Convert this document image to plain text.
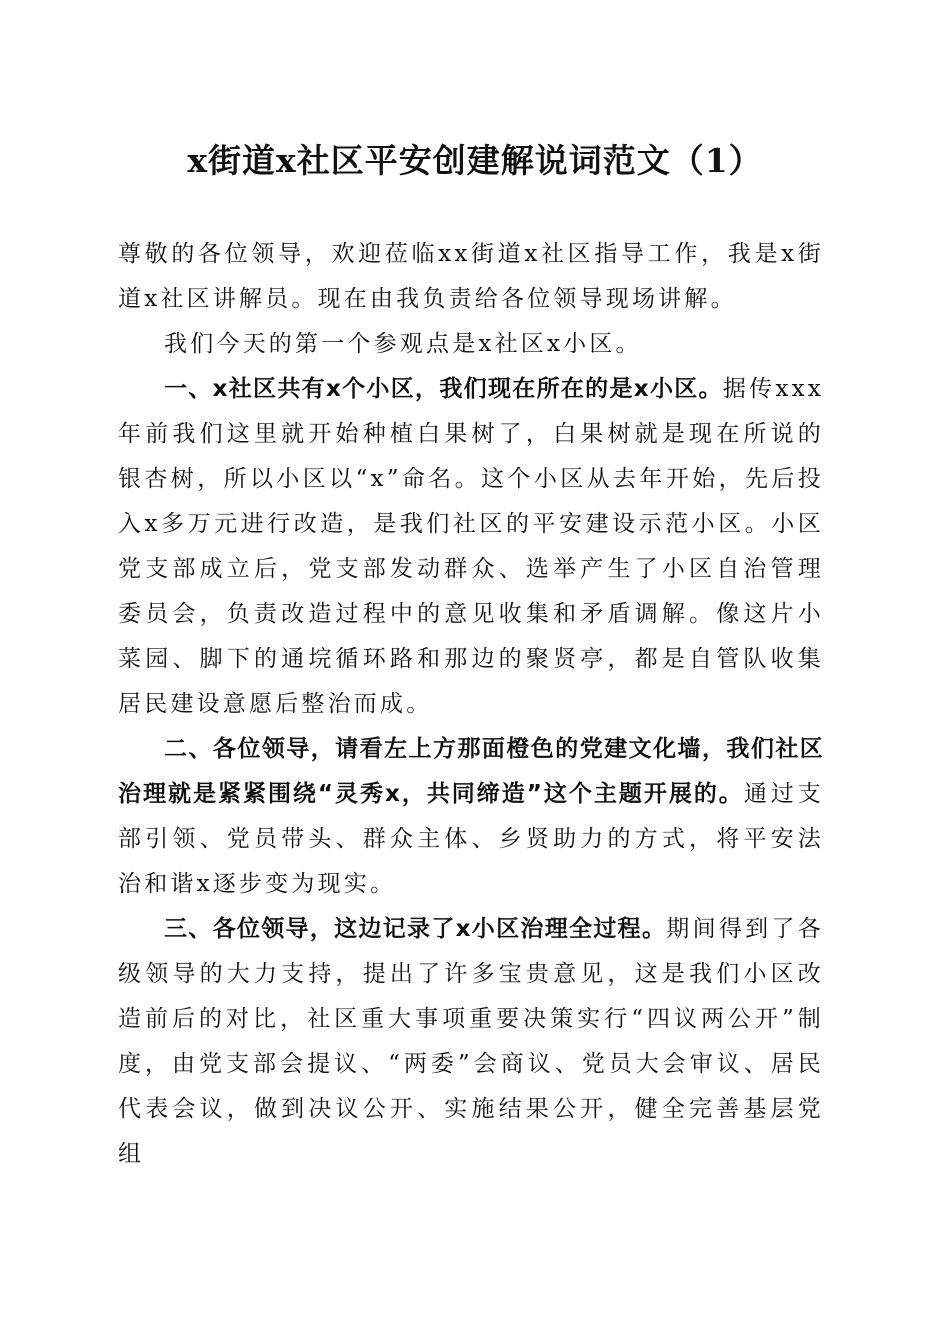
x街道x社区平安创建解说词范文（1）

尊敬的各位领导，欢迎莅临xx街道x社区指导工作，我是x街道x社区讲解员。现在由我负责给各位领导现场讲解。

我们今天的第一个参观点是x社区x小区。

一、x社区共有x个小区，我们现在所在的是x小区。据传xxx年前我们这里就开始种植白果树了，白果树就是现在所说的银杏树，所以小区以“x”命名。这个小区从去年开始，先后投入x多万元进行改造，是我们社区的平安建设示范小区。小区党支部成立后，党支部发动群众、选举产生了小区自治管理委员会，负责改造过程中的意见收集和矛盾调解。像这片小菜园、脚下的通垸循环路和那边的聚贤亭，都是自管队收集居民建设意愿后整治而成。

二、各位领导，请看左上方那面橙色的党建文化墙，我们社区治理就是紧紧围绕“灵秀x，共同缔造”这个主题开展的。通过支部引领、党员带头、群众主体、乡贤助力的方式，将平安法治和谐x逐步变为现实。

三、各位领导，这边记录了x小区治理全过程。期间得到了各级领导的大力支持，提出了许多宝贵意见，这是我们小区改造前后的对比，社区重大事项重要决策实行“四议两公开”制度，由党支部会提议、“两委”会商议、党员大会审议、居民代表会议，做到决议公开、实施结果公开，健全完善基层党组
